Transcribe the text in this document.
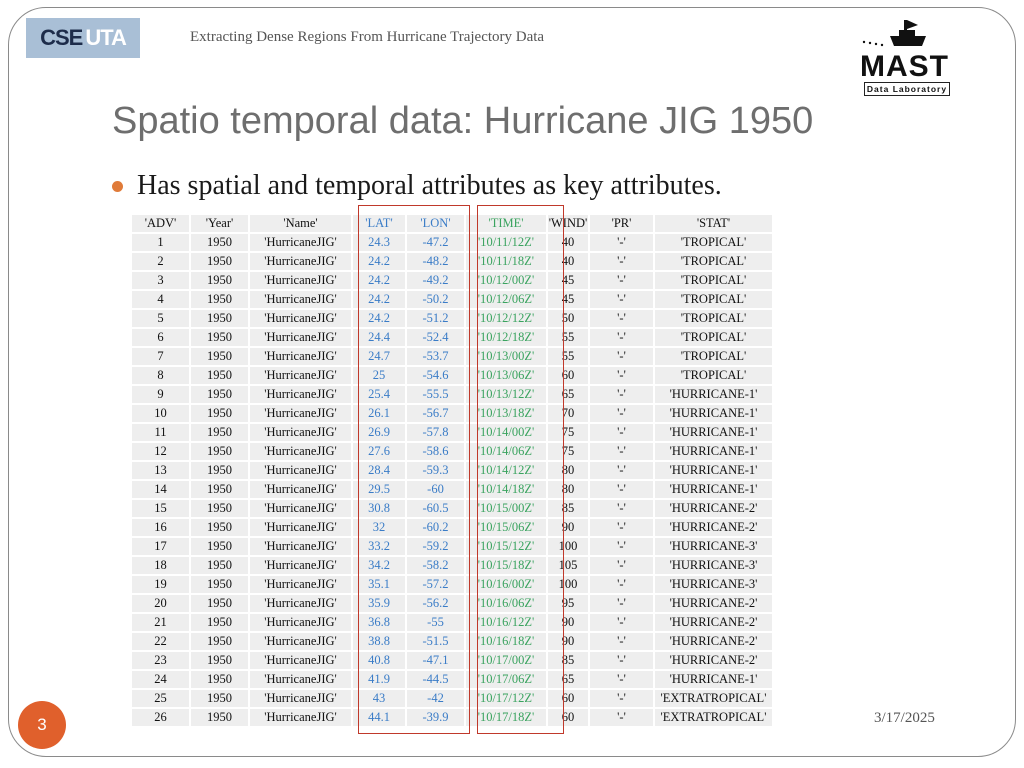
CSE UTA	Extracting Dense Regions From Hurricane Trajectory Data
MAST
Data Laboratory
Spatio temporal data: Hurricane JIG 1950
Has spatial and temporal attributes as key attributes.
'ADV'	'Year'	'Name'	'LAT'	'LON'	'TIME'	'WIND'	'PR'	'STAT'
1	1950	'HurricaneJIG'	24.3	-47.2	'10/11/12Z'	40	'-'	'TROPICAL'
2	1950	'HurricaneJIG'	24.2	-48.2	'10/11/18Z'	40	'-'	'TROPICAL'
3	1950	'HurricaneJIG'	24.2	-49.2	'10/12/00Z'	45	'-'	'TROPICAL'
4	1950	'HurricaneJIG'	24.2	-50.2	'10/12/06Z'	45	'-'	'TROPICAL'
5	1950	'HurricaneJIG'	24.2	-51.2	'10/12/12Z'	50	'-'	'TROPICAL'
6	1950	'HurricaneJIG'	24.4	-52.4	'10/12/18Z'	55	'-'	'TROPICAL'
7	1950	'HurricaneJIG'	24.7	-53.7	'10/13/00Z'	55	'-'	'TROPICAL'
8	1950	'HurricaneJIG'	25	-54.6	'10/13/06Z'	60	'-'	'TROPICAL'
9	1950	'HurricaneJIG'	25.4	-55.5	'10/13/12Z'	65	'-'	'HURRICANE-1'
10	1950	'HurricaneJIG'	26.1	-56.7	'10/13/18Z'	70	'-'	'HURRICANE-1'
11	1950	'HurricaneJIG'	26.9	-57.8	'10/14/00Z'	75	'-'	'HURRICANE-1'
12	1950	'HurricaneJIG'	27.6	-58.6	'10/14/06Z'	75	'-'	'HURRICANE-1'
13	1950	'HurricaneJIG'	28.4	-59.3	'10/14/12Z'	80	'-'	'HURRICANE-1'
14	1950	'HurricaneJIG'	29.5	-60	'10/14/18Z'	80	'-'	'HURRICANE-1'
15	1950	'HurricaneJIG'	30.8	-60.5	'10/15/00Z'	85	'-'	'HURRICANE-2'
16	1950	'HurricaneJIG'	32	-60.2	'10/15/06Z'	90	'-'	'HURRICANE-2'
17	1950	'HurricaneJIG'	33.2	-59.2	'10/15/12Z'	100	'-'	'HURRICANE-3'
18	1950	'HurricaneJIG'	34.2	-58.2	'10/15/18Z'	105	'-'	'HURRICANE-3'
19	1950	'HurricaneJIG'	35.1	-57.2	'10/16/00Z'	100	'-'	'HURRICANE-3'
20	1950	'HurricaneJIG'	35.9	-56.2	'10/16/06Z'	95	'-'	'HURRICANE-2'
21	1950	'HurricaneJIG'	36.8	-55	'10/16/12Z'	90	'-'	'HURRICANE-2'
22	1950	'HurricaneJIG'	38.8	-51.5	'10/16/18Z'	90	'-'	'HURRICANE-2'
23	1950	'HurricaneJIG'	40.8	-47.1	'10/17/00Z'	85	'-'	'HURRICANE-2'
24	1950	'HurricaneJIG'	41.9	-44.5	'10/17/06Z'	65	'-'	'HURRICANE-1'
25	1950	'HurricaneJIG'	43	-42	'10/17/12Z'	60	'-'	'EXTRATROPICAL'
26	1950	'HurricaneJIG'	44.1	-39.9	'10/17/18Z'	60	'-'	'EXTRATROPICAL'
3	3/17/2025
